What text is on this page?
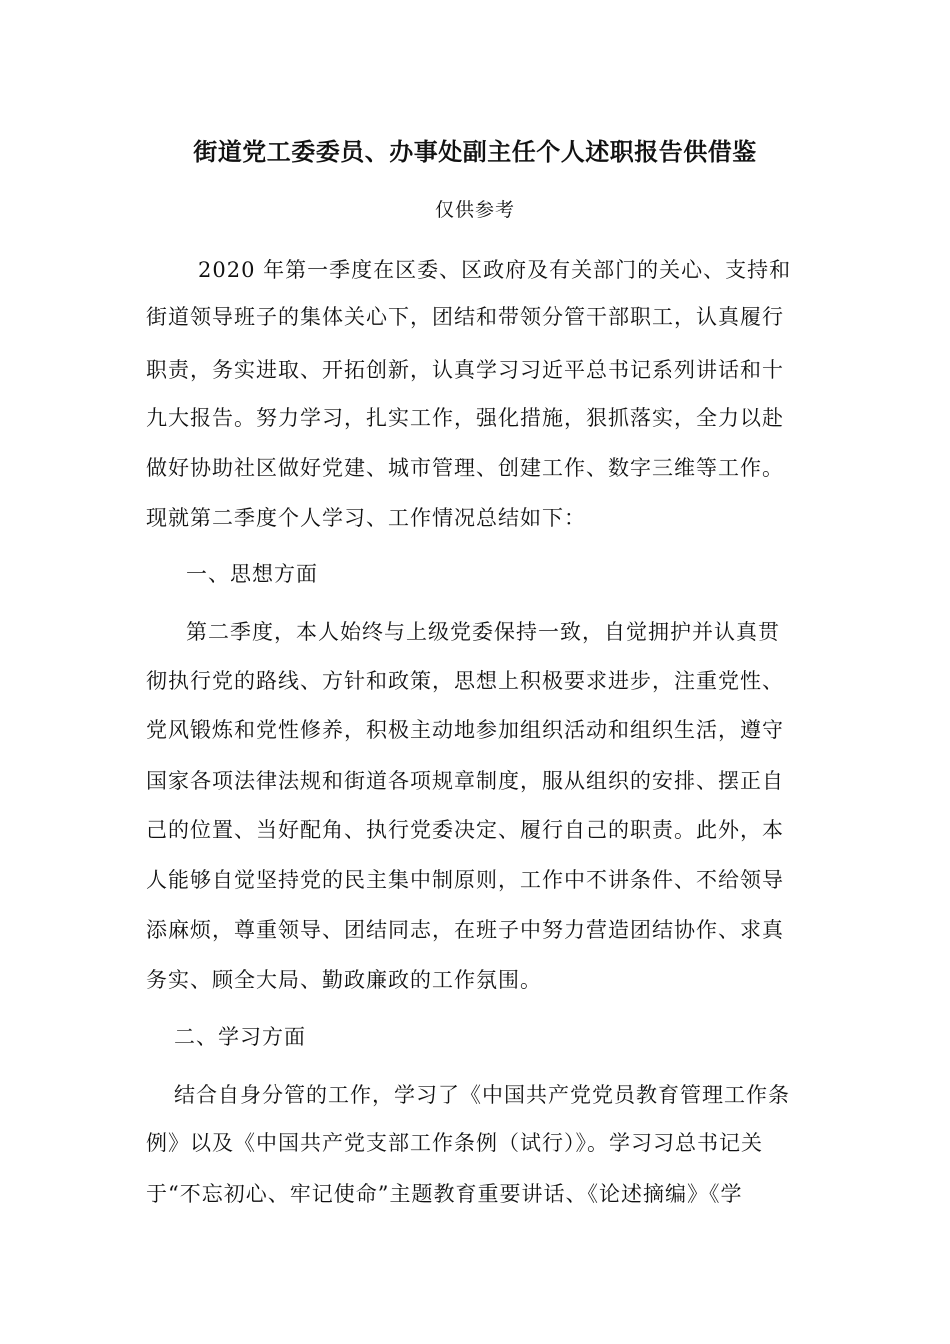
街道党工委委员、办事处副主任个人述职报告供借鉴
仅供参考
2020 年第一季度在区委、区政府及有关部门的关心、支持和
街道领导班子的集体关心下，团结和带领分管干部职工，认真履行
职责，务实进取、开拓创新，认真学习习近平总书记系列讲话和十
九大报告。努力学习，扎实工作，强化措施，狠抓落实，全力以赴
做好协助社区做好党建、城市管理、创建工作、数字三维等工作。
现就第二季度个人学习、工作情况总结如下：
一、思想方面
第二季度，本人始终与上级党委保持一致，自觉拥护并认真贯
彻执行党的路线、方针和政策，思想上积极要求进步，注重党性、
党风锻炼和党性修养，积极主动地参加组织活动和组织生活，遵守
国家各项法律法规和街道各项规章制度，服从组织的安排、摆正自
己的位置、当好配角、执行党委决定、履行自己的职责。此外，本
人能够自觉坚持党的民主集中制原则，工作中不讲条件、不给领导
添麻烦，尊重领导、团结同志，在班子中努力营造团结协作、求真
务实、顾全大局、勤政廉政的工作氛围。
二、学习方面
结合自身分管的工作，学习了《中国共产党党员教育管理工作条
例》以及《中国共产党支部工作条例（试行）》。学习习总书记关
于“不忘初心、牢记使命”主题教育重要讲话、《论述摘编》《学
